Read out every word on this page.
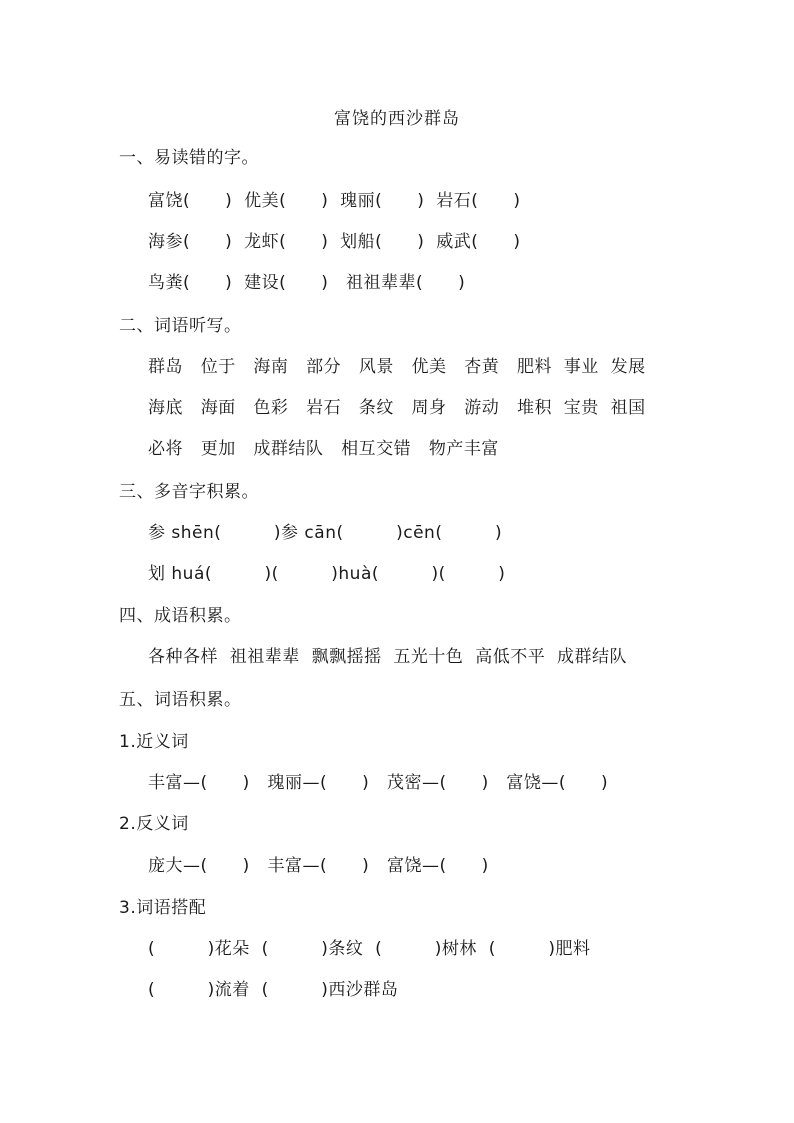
富饶的西沙群岛
一、易读错的字。
富饶(　　)  优美(　　)  瑰丽(　　)  岩石(　　)
海参(　　)  龙虾(　　)  划船(　　)  威武(　　)
鸟粪(　　)  建设(　　)   祖祖辈辈(　　)
二、词语听写。
群岛   位于   海南   部分   风景   优美   杏黄   肥料  事业  发展
海底   海面   色彩   岩石   条纹   周身   游动   堆积  宝贵  祖国
必将   更加   成群结队   相互交错   物产丰富
三、多音字积累。
参 shēn(　　　)参 cān(　　　)cēn(　　　)
划 huá(　　　)(　　　)huà(　　　)(　　　)
四、成语积累。
各种各样  祖祖辈辈  飘飘摇摇  五光十色  高低不平  成群结队
五、词语积累。
1.近义词
丰富—(　　)   瑰丽—(　　)   茂密—(　　)   富饶—(　　)
2.反义词
庞大—(　　)   丰富—(　　)   富饶—(　　)
3.词语搭配
(　　　)花朵  (　　　)条纹  (　　　)树林  (　　　)肥料
(　　　)流着  (　　　)西沙群岛
